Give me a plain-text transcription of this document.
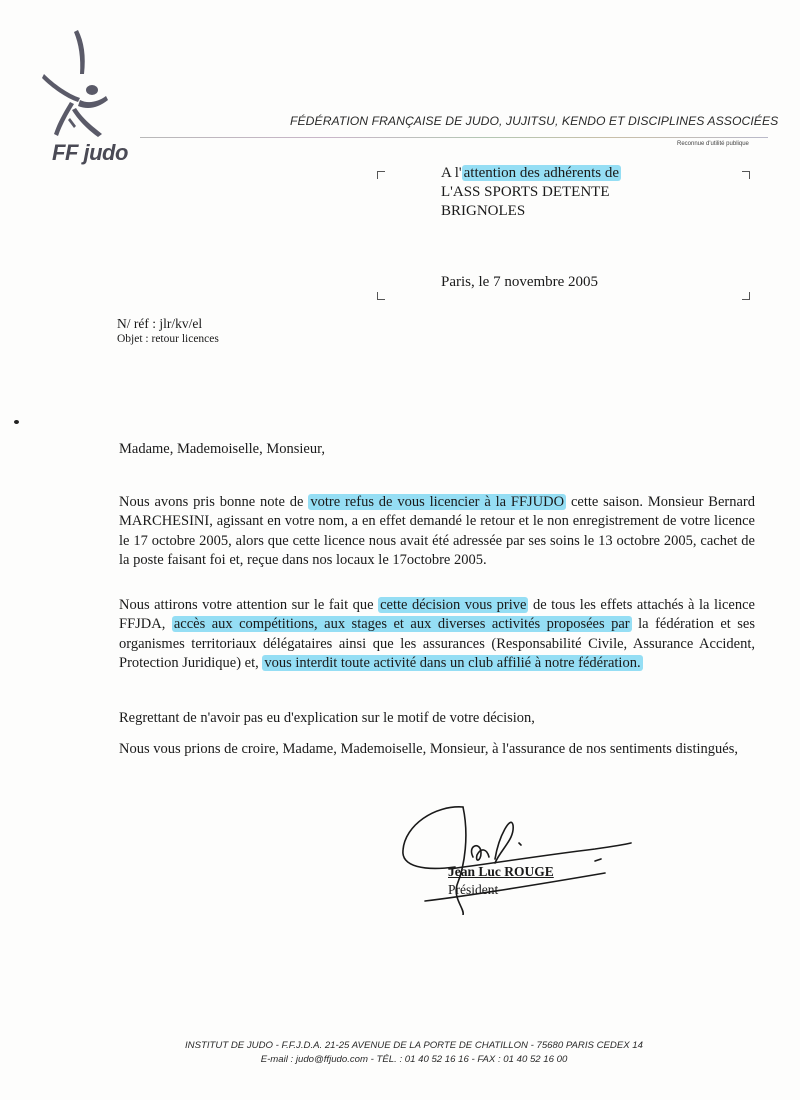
FF judo
FÉDÉRATION FRANÇAISE DE JUDO, JUJITSU, KENDO ET DISCIPLINES ASSOCIÉES
Reconnue d'utilité publique
A l' attention des adhérents de
L'ASS SPORTS DETENTE
BRIGNOLES
Paris, le 7 novembre 2005
N/ réf : jlr/kv/el
Objet : retour licences
Madame, Mademoiselle, Monsieur,
Nous avons pris bonne note de votre refus de vous licencier à la FFJUDO cette saison. Monsieur Bernard MARCHESINI, agissant en votre nom, a en effet demandé le retour et le non enregistrement de votre licence le 17 octobre 2005, alors que cette licence nous avait été adressée par ses soins le 13 octobre 2005, cachet de la poste faisant foi et, reçue dans nos locaux le 17octobre 2005.
Nous attirons votre attention sur le fait que cette décision vous prive de tous les effets attachés à la licence FFJDA, accès aux compétitions, aux stages et aux diverses activités proposées par la fédération et ses organismes territoriaux délégataires ainsi que les assurances (Responsabilité Civile, Assurance Accident, Protection Juridique) et, vous interdit toute activité dans un club affilié à notre fédération.
Regrettant de n'avoir pas eu d'explication sur le motif de votre décision,
Nous vous prions de croire, Madame, Mademoiselle, Monsieur, à l'assurance de nos sentiments distingués,
Jean Luc ROUGE
Président
INSTITUT DE JUDO - F.F.J.D.A. 21-25 AVENUE DE LA PORTE DE CHATILLON - 75680 PARIS CEDEX 14
E-mail : judo@ffjudo.com - TÉL. : 01 40 52 16 16 - FAX : 01 40 52 16 00
